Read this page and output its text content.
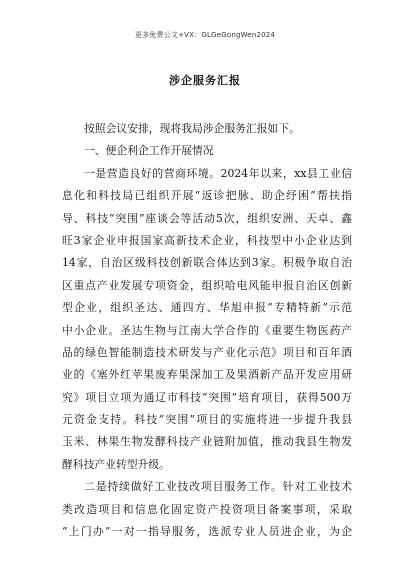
更多免费公文+VX：GLGeGongWen2024
涉企服务汇报
按照会议安排，现将我局涉企服务汇报如下。
一、便企利企工作开展情况
一是营造良好的营商环境。2024年以来，xx县工业信
息化和科技局已组织开展“返诊把脉、助企纾困”帮扶指
导、科技“突围”座谈会等活动5次，组织安洲、天卓、鑫
旺3家企业申报国家高新技术企业，科技型中小企业达到
14家，自治区级科技创新联合体达到3家。积极争取自治
区重点产业发展专项资金，组织哈电风能申报自治区创新
型企业，组织圣达、通四方、华旭申报“专精特新”示范
中小企业。圣达生物与江南大学合作的《重要生物医药产
品的绿色智能制造技术研发与产业化示范》项目和百年酒
业的《塞外红苹果废弃果深加工及果酒新产品开发应用研
究》项目立项为通辽市科技“突围”培育项目，获得500万
元资金支持。科技“突围”项目的实施将进一步提升我县
玉米、林果生物发酵科技产业链附加值，推动我县生物发
酵科技产业转型升级。
二是持续做好工业技改项目服务工作。针对工业技术
类改造项目和信息化固定资产投资项目备案事项，采取
“上门办”一对一指导服务，选派专业人员进企业，为企
